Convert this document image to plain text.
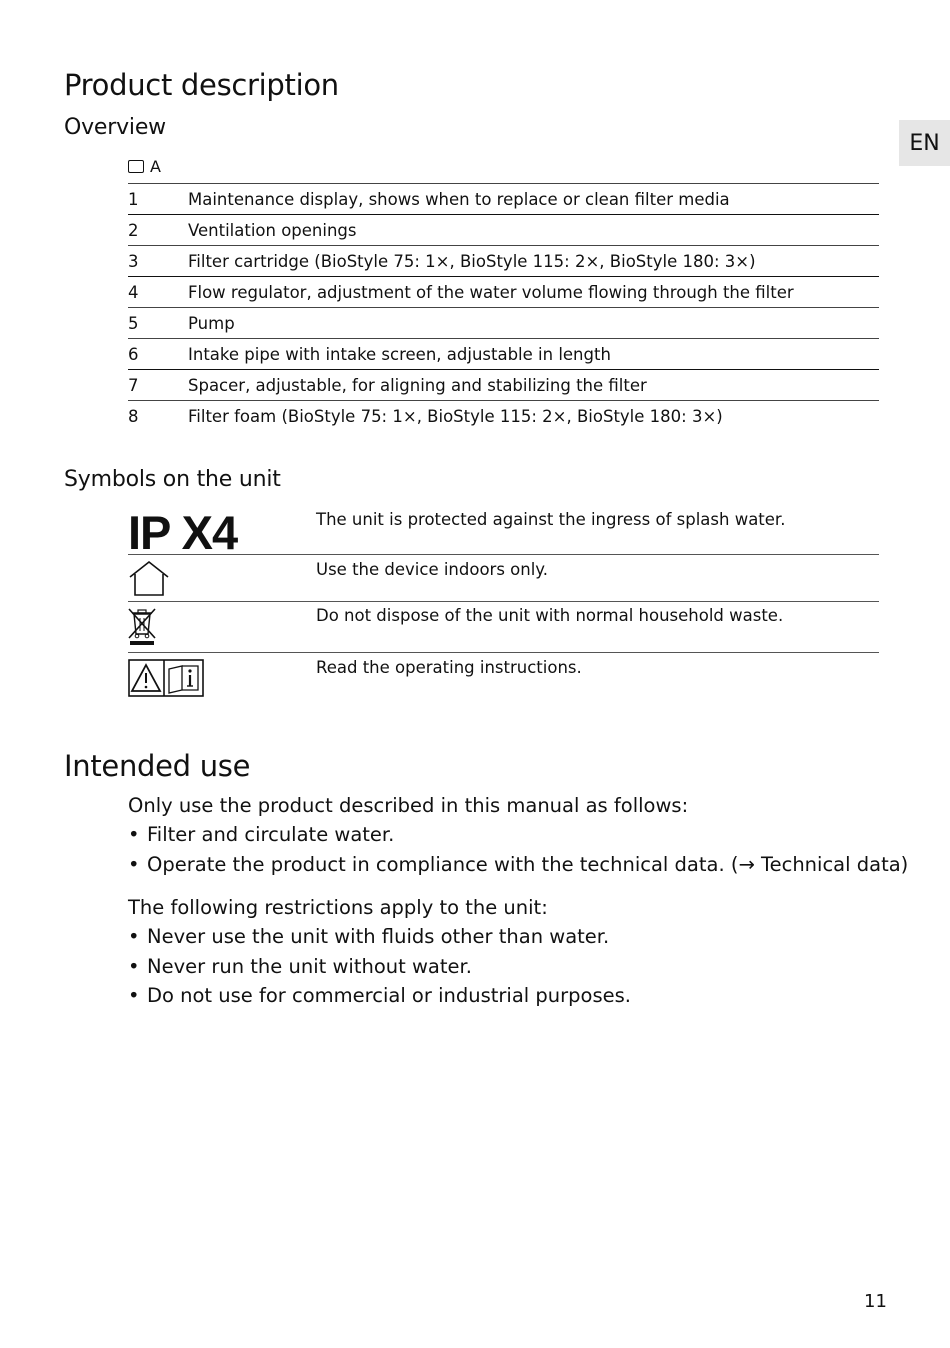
EN
Product description
Overview
A
1	Maintenance display, shows when to replace or clean filter media
2	Ventilation openings
3	Filter cartridge (BioStyle 75: 1×, BioStyle 115: 2×, BioStyle 180: 3×)
4	Flow regulator, adjustment of the water volume flowing through the filter
5	Pump
6	Intake pipe with intake screen, adjustable in length
7	Spacer, adjustable, for aligning and stabilizing the filter
8	Filter foam (BioStyle 75: 1×, BioStyle 115: 2×, BioStyle 180: 3×)
Symbols on the unit
IP X4	The unit is protected against the ingress of splash water.
Use the device indoors only.
Do not dispose of the unit with normal household waste.
Read the operating instructions.
Intended use

Only use the product described in this manual as follows:

• Filter and circulate water.
• Operate the product in compliance with the technical data. (→ Technical data)

The following restrictions apply to the unit:

• Never use the unit with fluids other than water.
• Never run the unit without water.
• Do not use for commercial or industrial purposes.
11
